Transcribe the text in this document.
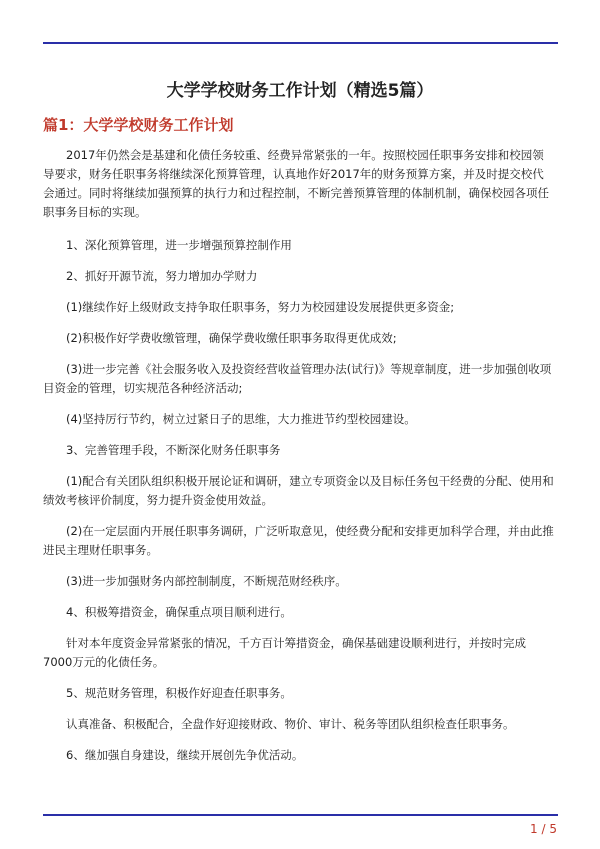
大学学校财务工作计划（精选5篇）
篇1：大学学校财务工作计划

2017年仍然会是基建和化债任务较重、经费异常紧张的一年。按照校园任职事务安排和校园领导要求，财务任职事务将继续深化预算管理，认真地作好2017年的财务预算方案，并及时提交校代会通过。同时将继续加强预算的执行力和过程控制，不断完善预算管理的体制机制，确保校园各项任职事务目标的实现。

1、深化预算管理，进一步增强预算控制作用

2、抓好开源节流，努力增加办学财力

(1)继续作好上级财政支持争取任职事务，努力为校园建设发展提供更多资金;

(2)积极作好学费收缴管理，确保学费收缴任职事务取得更优成效;

(3)进一步完善《社会服务收入及投资经营收益管理办法(试行)》等规章制度，进一步加强创收项目资金的管理，切实规范各种经济活动;

(4)坚持厉行节约，树立过紧日子的思维，大力推进节约型校园建设。

3、完善管理手段，不断深化财务任职事务

(1)配合有关团队组织积极开展论证和调研，建立专项资金以及目标任务包干经费的分配、使用和绩效考核评价制度，努力提升资金使用效益。

(2)在一定层面内开展任职事务调研，广泛听取意见，使经费分配和安排更加科学合理，并由此推进民主理财任职事务。

(3)进一步加强财务内部控制制度，不断规范财经秩序。

4、积极筹措资金，确保重点项目顺利进行。

针对本年度资金异常紧张的情况，千方百计筹措资金，确保基础建设顺利进行，并按时完成7000万元的化债任务。

5、规范财务管理，积极作好迎查任职事务。

认真准备、积极配合，全盘作好迎接财政、物价、审计、税务等团队组织检查任职事务。

6、继加强自身建设，继续开展创先争优活动。

1 / 5
